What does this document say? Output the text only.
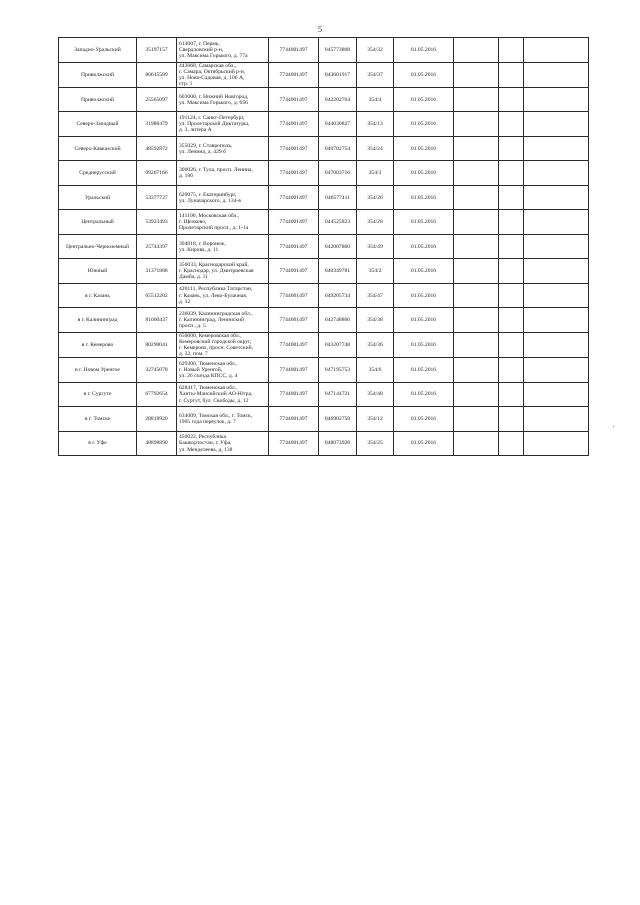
5
Западно-Уральский	35197157	614007, г. Пермь,
Свердловский р-н,
ул. Максима Горького, д. 77а	7744001497	045773808	354/32	01.05.2016			
Приволжский	80615589	443068, Самарская обл.,
г. Самара, Октябрьский р-н,
ул. Ново-Садовая, д. 106 А,
стр. 1	7744001497	043601917	354/37	01.05.2016			
Приволжский	25565097	603000, г. Нижний Новгород,
ул. Максима Горького, д. 656	7744001497	042202764	354/4	01.05.2016			
Северо-Западный	31980479	191124, г. Санкт-Петербург,
ул. Пролетарской Диктатуры,
д. 3, литера А	7744001497	044030827	354/13	01.05.2016			
Северо-Кавказский	48592872	355029, г. Ставрополь,
ул. Ленина, д. 429 б	7744001497	040702754	354/24	01.05.2016			
Среднерусский	09267166	300026, г. Тула, просп. Ленина,
д. 106	7744001497	047003716	354/3	01.05.2016			
Уральский	53377727	620075, г. Екатеринбург,
ул. Луначарского, д. 134-в	7744001497	046577411	354/26	01.05.2016			
Центральный	53923493	141100, Московская обл.,
г. Щелково,
Пролетарский просп., д. 1-1а	7744001497	044525823	354/28	01.05.2016			
Центрально-Черноземный	25744397	394018, г. Воронеж,
ул. Кирова, д. 11	7744001497	042007800	354/49	01.05.2016			
Южный	31371888	350033, Краснодарский край,
г. Краснодар, ул. Дмитриевская
Дамба, д. 11	7744001497	040349781	354/2	01.05.2016			
в г. Казань	65512202	420111, Республика Татарстан,
г. Казань, ул. Лево-Булачная,
д. 32	7744001497	049205734	354/47	01.05.2016			
в г. Калининград	81600437	236039, Калининградская обл.,
г. Калининград, Ленинский
просп., д. 5	7744001497	042748866	354/38	01.05.2016			
в г. Кемерово	80290041	650000, Кемеровская обл.,
Кемеровский городской округ,
г. Кемерово, просп. Советский,
д. 32, пом. 7	7744001497	043207748	354/36	01.05.2016			
в г. Новом Уренгое	32745078	629300, Тюменская обл.,
г. Новый Уренгой,
ул. 26 съезда КПСС, д. 4	7744001497	047195753	354/6	01.05.2016			
в г. Сургуте	67792654	628417, Тюменская обл.,
Ханты-Мансийский АО-Югра,
г. Сургут, бул. Свободы, д. 12	7744001497	047144721	354/48	01.05.2016			
в г. Томске	28818920	634009, Томская обл., г. Томск,
1905 года переулок, д. 7	7744001497	046902758	354/12	01.05.2016			
в г. Уфе	48898890	450022, Республика
Башкортостан, г. Уфа,
ул. Менделеева, д. 138	7744001497	048073928	354/25	01.05.2016			
